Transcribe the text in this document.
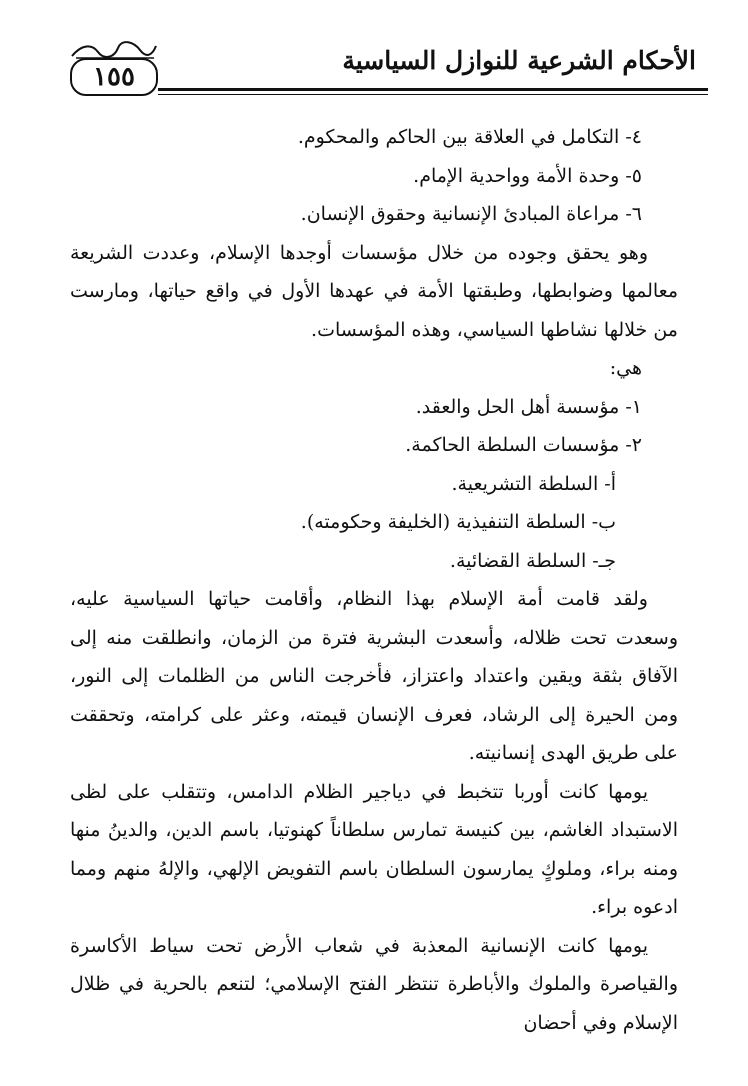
١٥٥
الأحكام الشرعية للنوازل السياسية
٤- التكامل في العلاقة بين الحاكم والمحكوم.
٥- وحدة الأمة وواحدية الإمام.
٦- مراعاة المبادئ الإنسانية وحقوق الإنسان.
وهو يحقق وجوده من خلال مؤسسات أوجدها الإسلام، وعددت الشريعة معالمها وضوابطها، وطبقتها الأمة في عهدها الأول في واقع حياتها، ومارست من خلالها نشاطها السياسي، وهذه المؤسسات.
هي:
١- مؤسسة أهل الحل والعقد.
٢- مؤسسات السلطة الحاكمة.
أ- السلطة التشريعية.
ب- السلطة التنفيذية (الخليفة وحكومته).
جـ- السلطة القضائية.
ولقد قامت أمة الإسلام بهذا النظام، وأقامت حياتها السياسية عليه، وسعدت تحت ظلاله، وأسعدت البشرية فترة من الزمان، وانطلقت منه إلى الآفاق بثقة ويقين واعتداد واعتزاز، فأخرجت الناس من الظلمات إلى النور، ومن الحيرة إلى الرشاد، فعرف الإنسان قيمته، وعثر على كرامته، وتحققت على طريق الهدى إنسانيته.
يومها كانت أوربا تتخبط في دياجير الظلام الدامس، وتتقلب على لظى الاستبداد الغاشم، بين كنيسة تمارس سلطاناً كهنوتيا، باسم الدين، والدينُ منها ومنه براء، وملوكٍ يمارسون السلطان باسم التفويض الإلهي، والإلهُ منهم ومما ادعوه براء.
يومها كانت الإنسانية المعذبة في شعاب الأرض تحت سياط الأكاسرة والقياصرة والملوك والأباطرة تنتظر الفتح الإسلامي؛ لتنعم بالحرية في ظلال الإسلام وفي أحضان
